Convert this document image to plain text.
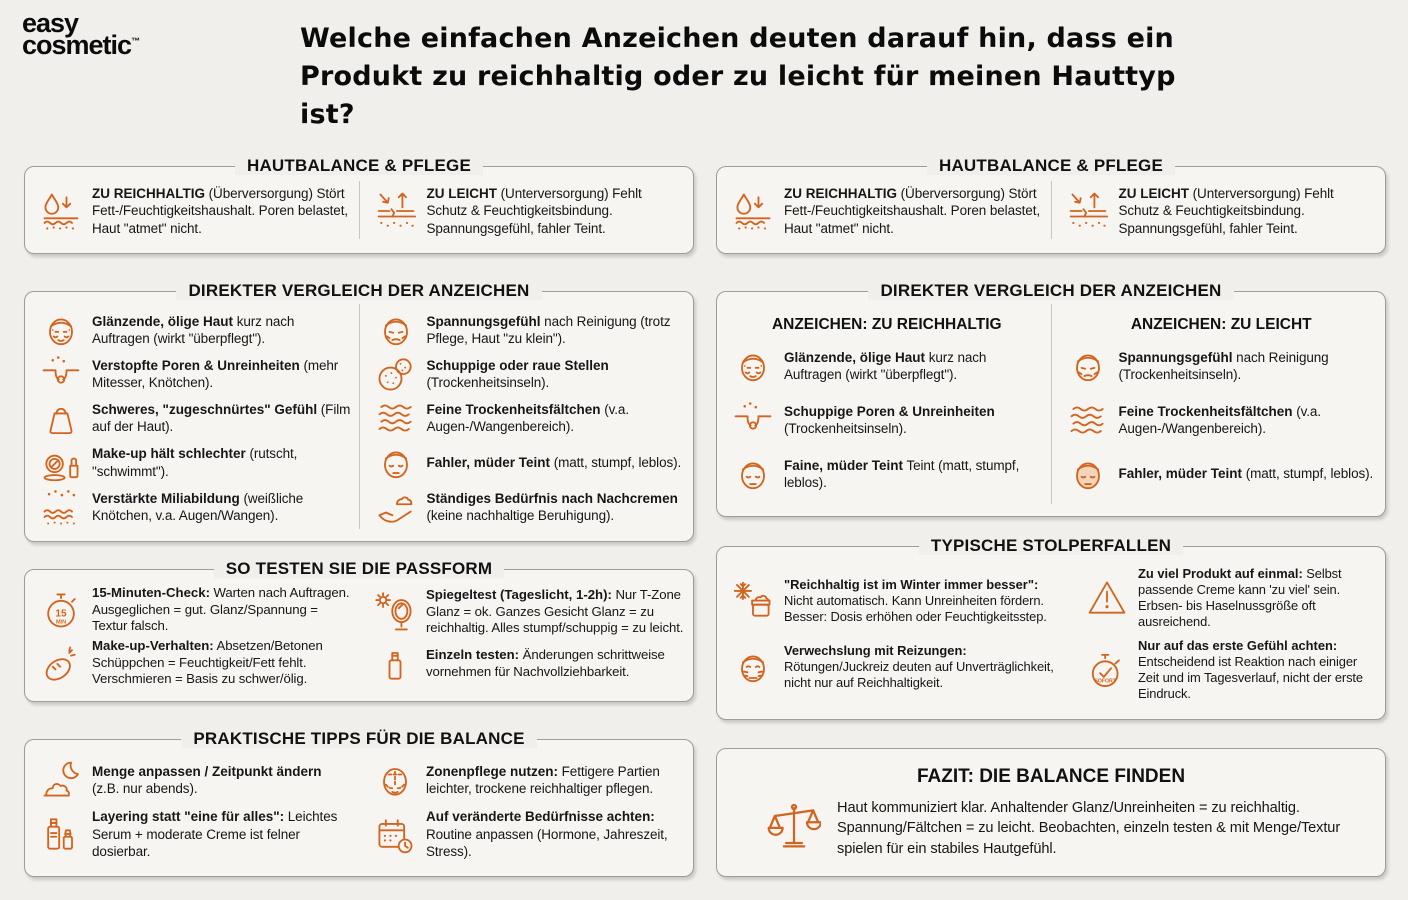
easy
cosmetic™	Welche einfachen Anzeichen deuten darauf hin, dass ein
Produkt zu reichhaltig oder zu leicht für meinen Hauttyp
ist?
HAUTBALANCE & PFLEGE

ZU REICHHALTIG (Überversorgung) Stört Fett-/Feuchtigkeitshaushalt. Poren belastet, Haut "atmet" nicht.

ZU LEICHT (Unterversorgung) Fehlt Schutz & Feuchtigkeitsbindung. Spannungsgefühl, fahler Teint.

DIREKTER VERGLEICH DER ANZEICHEN

Glänzende, ölige Haut kurz nach Auftragen (wirkt "überpflegt").

Verstopfte Poren & Unreinheiten (mehr Mitesser, Knötchen).

Schweres, "zugeschnürtes" Gefühl (Film auf der Haut).

Make-up hält schlechter (rutscht, "schwimmt").

Verstärkte Miliabildung (weißliche Knötchen, v.a. Augen/Wangen).

Spannungsgefühl nach Reinigung (trotz Pflege, Haut "zu klein").

Schuppige oder raue Stellen (Trockenheitsinseln).

Feine Trockenheitsfältchen (v.a. Augen-/Wangenbereich).

Fahler, müder Teint (matt, stumpf, leblos).

Ständiges Bedürfnis nach Nachcremen (keine nachhaltige Beruhigung).

SO TESTEN SIE DIE PASSFORM
15
MIN

15-Minuten-Check: Warten nach Auftragen. Ausgeglichen = gut. Glanz/Spannung = Textur falsch.

Make-up-Verhalten: Absetzen/Betonen Schüppchen = Feuchtigkeit/Fett fehlt. Verschmieren = Basis zu schwer/ölig.

Spiegeltest (Tageslicht, 1-2h): Nur T-Zone Glanz = ok. Ganzes Gesicht Glanz = zu reichhaltig. Alles stumpf/schuppig = zu leicht.

Einzeln testen: Änderungen schrittweise vornehmen für Nachvollziehbarkeit.

PRAKTISCHE TIPPS FÜR DIE BALANCE

Menge anpassen / Zeitpunkt ändern (z.B. nur abends).

Layering statt "eine für alles": Leichtes Serum + moderate Creme ist felner dosierbar.

Zonenpflege nutzen: Fettigere Partien leichter, trockene reichhaltiger pflegen.

Auf veränderte Bedürfnisse achten: Routine anpassen (Hormone, Jahreszeit, Stress).

HAUTBALANCE & PFLEGE

ZU REICHHALTIG (Überversorgung) Stört Fett-/Feuchtigkeitshaushalt. Poren belastet, Haut "atmet" nicht.

ZU LEICHT (Unterversorgung) Fehlt Schutz & Feuchtigkeitsbindung. Spannungsgefühl, fahler Teint.

DIREKTER VERGLEICH DER ANZEICHEN
ANZEICHEN: ZU REICHHALTIG

Glänzende, ölige Haut kurz nach Auftragen (wirkt "überpflegt").

Schuppige Poren & Unreinheiten (Trockenheitsinseln).

Faine, müder Teint Teint (matt, stumpf, leblos).

ANZEICHEN: ZU LEICHT

Spannungsgefühl nach Reinigung (Trockenheitsinseln).

Feine Trockenheitsfältchen (v.a. Augen-/Wangenbereich).

Fahler, müder Teint (matt, stumpf, leblos).

TYPISCHE STOLPERFALLEN

"Reichhaltig ist im Winter immer besser": Nicht automatisch. Kann Unreinheiten fördern. Besser: Dosis erhöhen oder Feuchtigkeitsstep.

Verwechslung mit Reizungen: Rötungen/Juckreiz deuten auf Unverträglichkeit, nicht nur auf Reichhaltigkeit.

Zu viel Produkt auf einmal: Selbst passende Creme kann 'zu viel' sein. Erbsen- bis Haselnussgröße oft ausreichend.

SOFORT

Nur auf das erste Gefühl achten: Entscheidend ist Reaktion nach einiger Zeit und im Tagesverlauf, nicht der erste Eindruck.

FAZIT: DIE BALANCE FINDEN

Haut kommuniziert klar. Anhaltender Glanz/Unreinheiten = zu reichhaltig. Spannung/Fältchen = zu leicht. Beobachten, einzeln testen & mit Menge/Textur spielen für ein stabiles Hautgefühl.
